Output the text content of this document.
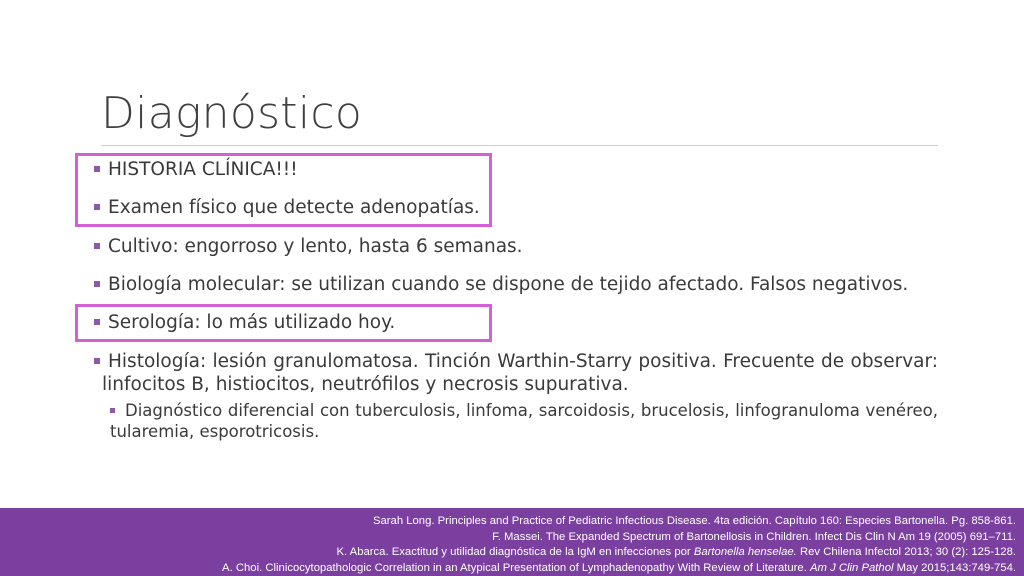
Diagnóstico
HISTORIA CLÍNICA!!!
Examen físico que detecte adenopatías.
Cultivo: engorroso y lento, hasta 6 semanas.
Biología molecular: se utilizan cuando se dispone de tejido afectado. Falsos negativos.
Serología: lo más utilizado hoy.
Histología: lesión granulomatosa. Tinción Warthin-Starry positiva. Frecuente de observar: linfocitos B, histiocitos, neutrófilos y necrosis supurativa.
Diagnóstico diferencial con tuberculosis, linfoma, sarcoidosis, brucelosis, linfogranuloma venéreo, tularemia, esporotricosis.
Sarah Long. Principles and Practice of Pediatric Infectious Disease. 4ta edición. Capítulo 160: Especies Bartonella. Pg. 858-861.
F. Massei. The Expanded Spectrum of Bartonellosis in Children. Infect Dis Clin N Am 19 (2005) 691–711.
K. Abarca. Exactitud y utilidad diagnóstica de la IgM en infecciones por Bartonella henselae. Rev Chilena Infectol 2013; 30 (2): 125-128.
A. Choi. Clinicocytopathologic Correlation in an Atypical Presentation of Lymphadenopathy With Review of Literature. Am J Clin Pathol May 2015;143:749-754.
